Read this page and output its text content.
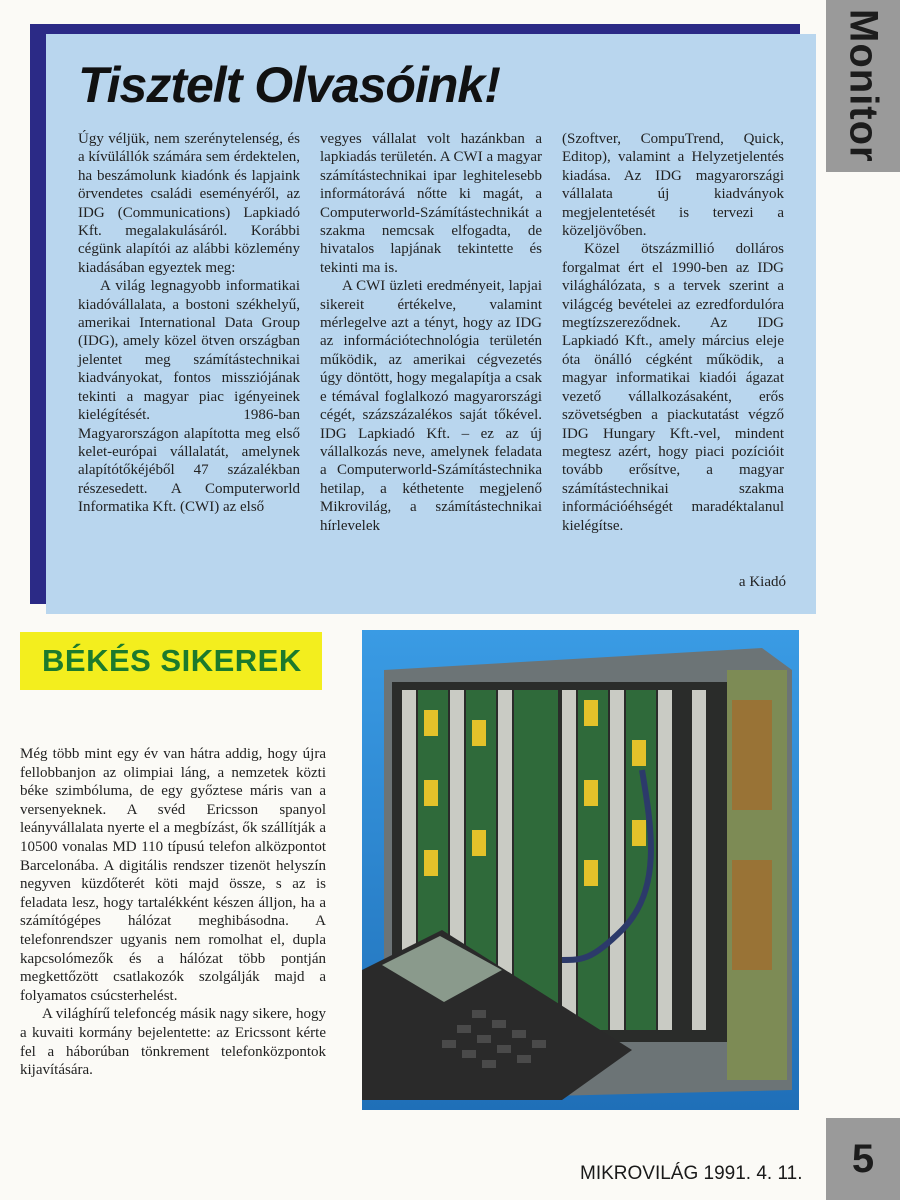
Monitor
Tisztelt Olvasóink!

Úgy véljük, nem szerénytelenség, és a kívülállók számára sem érdektelen, ha beszámolunk kiadónk és lapjaink örvendetes családi eseményéről, az IDG (Communications) Lapkiadó Kft. megalakulásáról. Korábbi cégünk alapítói az alábbi közlemény kiadásában egyeztek meg:

A világ legnagyobb informatikai kiadóvállalata, a bostoni székhelyű, amerikai International Data Group (IDG), amely közel ötven országban jelentet meg számítástechnikai kiadványokat, fontos missziójának tekinti a magyar piac igényeinek kielégítését. 1986-ban Magyarországon alapította meg első kelet-európai vállalatát, amelynek alapítótőkéjéből 47 százalékban részesedett. A Computerworld Informatika Kft. (CWI) az első

vegyes vállalat volt hazánkban a lapkiadás területén. A CWI a magyar számítástechnikai ipar leghitelesebb informátorává nőtte ki magát, a Computerworld-Számítástechnikát a szakma nemcsak elfogadta, de hivatalos lapjának tekintette és tekinti ma is.

A CWI üzleti eredményeit, lapjai sikereit értékelve, valamint mérlegelve azt a tényt, hogy az IDG az információtechnológia területén működik, az amerikai cégvezetés úgy döntött, hogy megalapítja a csak e témával foglalkozó magyarországi cégét, százszázalékos saját tőkével. IDG Lapkiadó Kft. – ez az új vállalkozás neve, amelynek feladata a Computerworld-Számítástechnika hetilap, a kéthetente megjelenő Mikrovilág, a számítástechnikai hírlevelek

(Szoftver, CompuTrend, Quick, Editop), valamint a Helyzetjelentés kiadása. Az IDG magyarországi vállalata új kiadványok megjelentetését is tervezi a közeljövőben.

Közel ötszázmillió dolláros forgalmat ért el 1990-ben az IDG világhálózata, s a tervek szerint a világcég bevételei az ezredfordulóra megtízszereződnek. Az IDG Lapkiadó Kft., amely március eleje óta önálló cégként működik, a magyar informatikai kiadói ágazat vezető vállalkozásaként, erős szövetségben a piackutatást végző IDG Hungary Kft.-vel, mindent megtesz azért, hogy piaci pozícióit tovább erősítve, a magyar számítástechnikai szakma információéhségét maradéktalanul kielégítse.

a Kiadó
BÉKÉS SIKEREK

Még több mint egy év van hátra addig, hogy újra fellobbanjon az olimpiai láng, a nemzetek közti béke szimbóluma, de egy győztese máris van a versenyeknek. A svéd Ericsson spanyol leányvállalata nyerte el a megbízást, ők szállítják a 10500 vonalas MD 110 típusú telefon alközpontot Barcelonába. A digitális rendszer tizenöt helyszín negyven küzdőterét köti majd össze, s az is feladata lesz, hogy tartalékként készen álljon, ha a számítógépes hálózat meghibásodna. A telefonrendszer ugyanis nem romolhat el, dupla kapcsolómezők és a hálózat több pontján megkettőzött csatlakozók szolgálják majd a folyamatos csúcsterhelést.

A világhírű telefoncég másik nagy sikere, hogy a kuvaiti kormány bejelentette: az Ericssont kérte fel a háborúban tönkrement telefonközpontok kijavítására.

MIKROVILÁG 1991. 4. 11. 5
